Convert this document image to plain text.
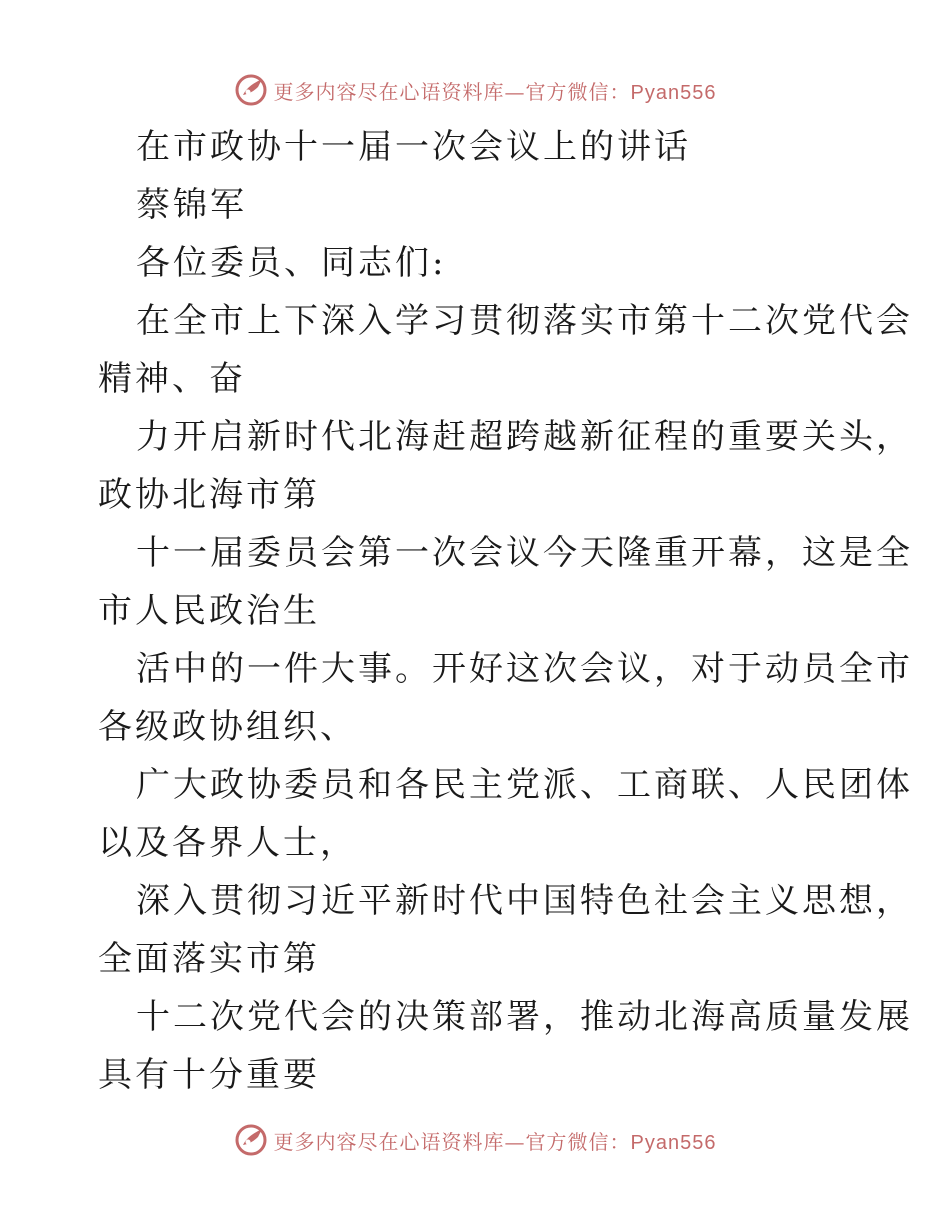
更多内容尽在心语资料库—官方微信：Pyan556
在市政协十一届一次会议上的讲话
蔡锦军
各位委员、同志们:
在全市上下深入学习贯彻落实市第十二次党代会
精神、奋
力开启新时代北海赶超跨越新征程的重要关头，
政协北海市第
十一届委员会第一次会议今天隆重开幕，这是全
市人民政治生
活中的一件大事。开好这次会议，对于动员全市
各级政协组织、
广大政协委员和各民主党派、工商联、人民团体
以及各界人士，
深入贯彻习近平新时代中国特色社会主义思想，
全面落实市第
十二次党代会的决策部署，推动北海高质量发展
具有十分重要
更多内容尽在心语资料库—官方微信：Pyan556
